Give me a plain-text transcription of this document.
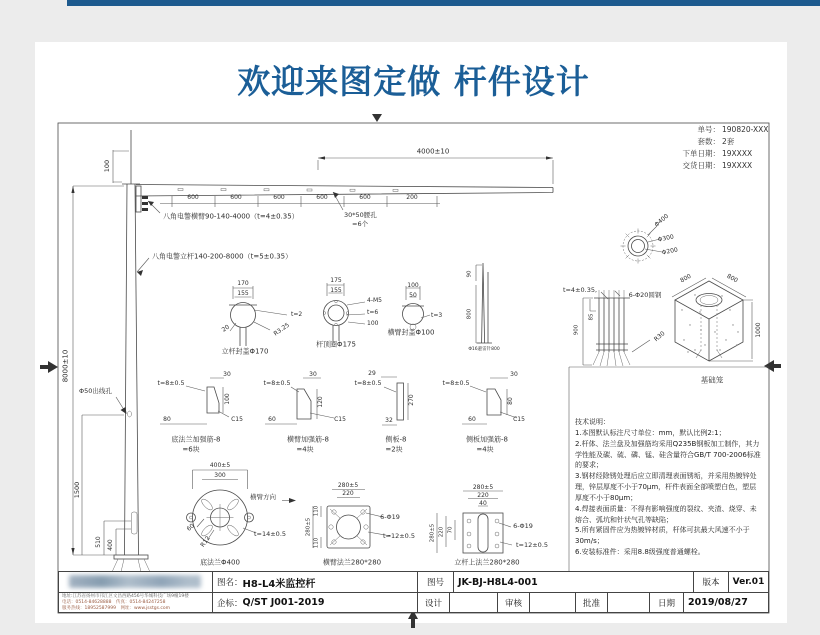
欢迎来图定做 杆件设计
100
4000±10
600	600	600	600	600	200
八角电警横臂90-140-4000（t=4±0.35）	30*50腰孔
=6个
八角电警立杆140-200-8000（t=5±0.35）
8000±10
Φ50出线孔
1500
510 400
170
155
t=2
R3.25
20
立杆封盖Φ170
175
155
4-M5
t=6
100
杆顶圈Φ175
100
50
t=3
横臂封盖Φ100
90
800
Φ16避雷针800
Φ400
Φ300
Φ200
t=4±0.35,
6-Φ20圆钢
85
900
R30
800	800
1000
基础笼
t=8±0.5
30
100
80	C15
底法兰加强筋-8
=6块
t=8±0.5
30
120
60	C15
横臂加强筋-8
=4块
29
t=8±0.5
270
32
侧板-8
=2块
t=8±0.5
30
80
60	C15
侧板加强筋-8
=4块
400±5
300
横臂方向
60
R12
t=14±0.5
底法兰Φ400
280±5
220
110
280±5
110
6-Φ19
t=12±0.5
横臂法兰280*280
280±5
220
40
280±5 220 70
6-Φ19
t=12±0.5
立杆上法兰280*280
单号： 190820-XXX
套数： 2套
下单日期： 19XXXX
交货日期： 19XXXX
技术说明：
1.本图默认标注尺寸单位：mm，默认比例2:1；
2.杆体、法兰盘及加强筋均采用Q235B钢板加工制作，其力学性能及碳、硫、磷、锰、硅含量符合GB/T 700-2006标准的要求；
3.钢材经除锈处理后应立即清理表面锈垢，并采用热镀锌处理，锌层厚度不小于70μm，杆件表面全部喷塑白色，塑层厚度不小于80μm；
4.焊接表面质量：不得有影响强度的裂纹、夹渣、烧穿、未熔合、弧坑和针状气孔等缺陷；
5.所有紧固件应为热镀锌材质，杆体可抗最大风速不小于30m/s；
6.安装标准件：采用8.8级强度普通螺栓。
图名： H8-L4米监控杆	图号	JK-BJ-H8L4-001	版本	Ver.01
地址:江苏省扬州市邗江区文昌西路456号华城科技广场9幢19楼
电话：0514-84628888　传真：0514-84247258
服务热线：18952587999　网址：www.jsstgs.com	企标： Q/ST J001-2019	设计	审核	批准	日期	2019/08/27
